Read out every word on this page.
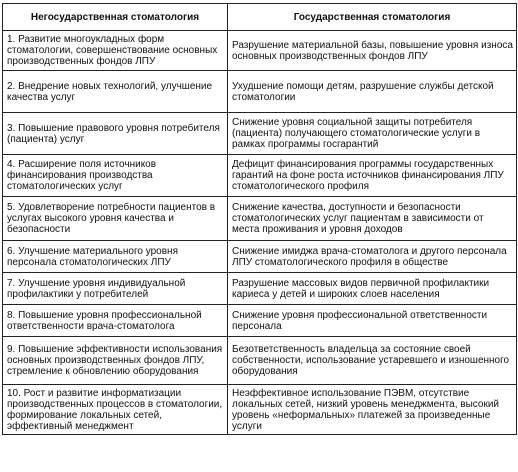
Негосударственная стоматология	Государственная стоматология
1. Развитие многоукладных форм стоматологии, совершенствование основных производственных фондов ЛПУ	Разрушение материальной базы, повышение уровня износа основных производственных фондов ЛПУ
2. Внедрение новых технологий, улучшение качества услуг	Ухудшение помощи детям, разрушение службы детской стоматологии
3. Повышение правового уровня потребителя (пациента) услуг	Снижение уровня социальной защиты потребителя (пациента) получающего стоматологические услуги в рамках программы госгарантий
4. Расширение поля источников финансирования производства стоматологических услуг	Дефицит финансирования программы государственных гарантий на фоне роста источников финансирования ЛПУ стоматологического профиля
5. Удовлетворение потребности пациентов в услугах высокого уровня качества и безопасности	Снижение качества, доступности и безопасности стоматологических услуг пациентам в зависимости от места проживания и уровня доходов
6. Улучшение материального уровня персонала стоматологических ЛПУ	Снижение имиджа врача-стоматолога и другого персонала ЛПУ стоматологического профиля в обществе
7. Улучшение уровня индивидуальной профилактики у потребителей	Разрушение массовых видов первичной профилактики кариеса у детей и широких слоев населения
8. Повышение уровня профессиональной ответственности врача-стоматолога	Снижение уровня профессиональной ответственности персонала
9. Повышение эффективности использования основных производственных фондов ЛПУ, стремление к обновлению оборудования	Безответственность владельца за состояние своей собственности, использование устаревшего и изношенного оборудования
10. Рост и развитие информатизации производственных процессов в стоматологии, формирование локальных сетей, эффективный менеджмент	Неэффективное использование ПЭВМ, отсутствие локальных сетей, низкий уровень менеджмента, высокий уровень «неформальных» платежей за произведенные услуги
